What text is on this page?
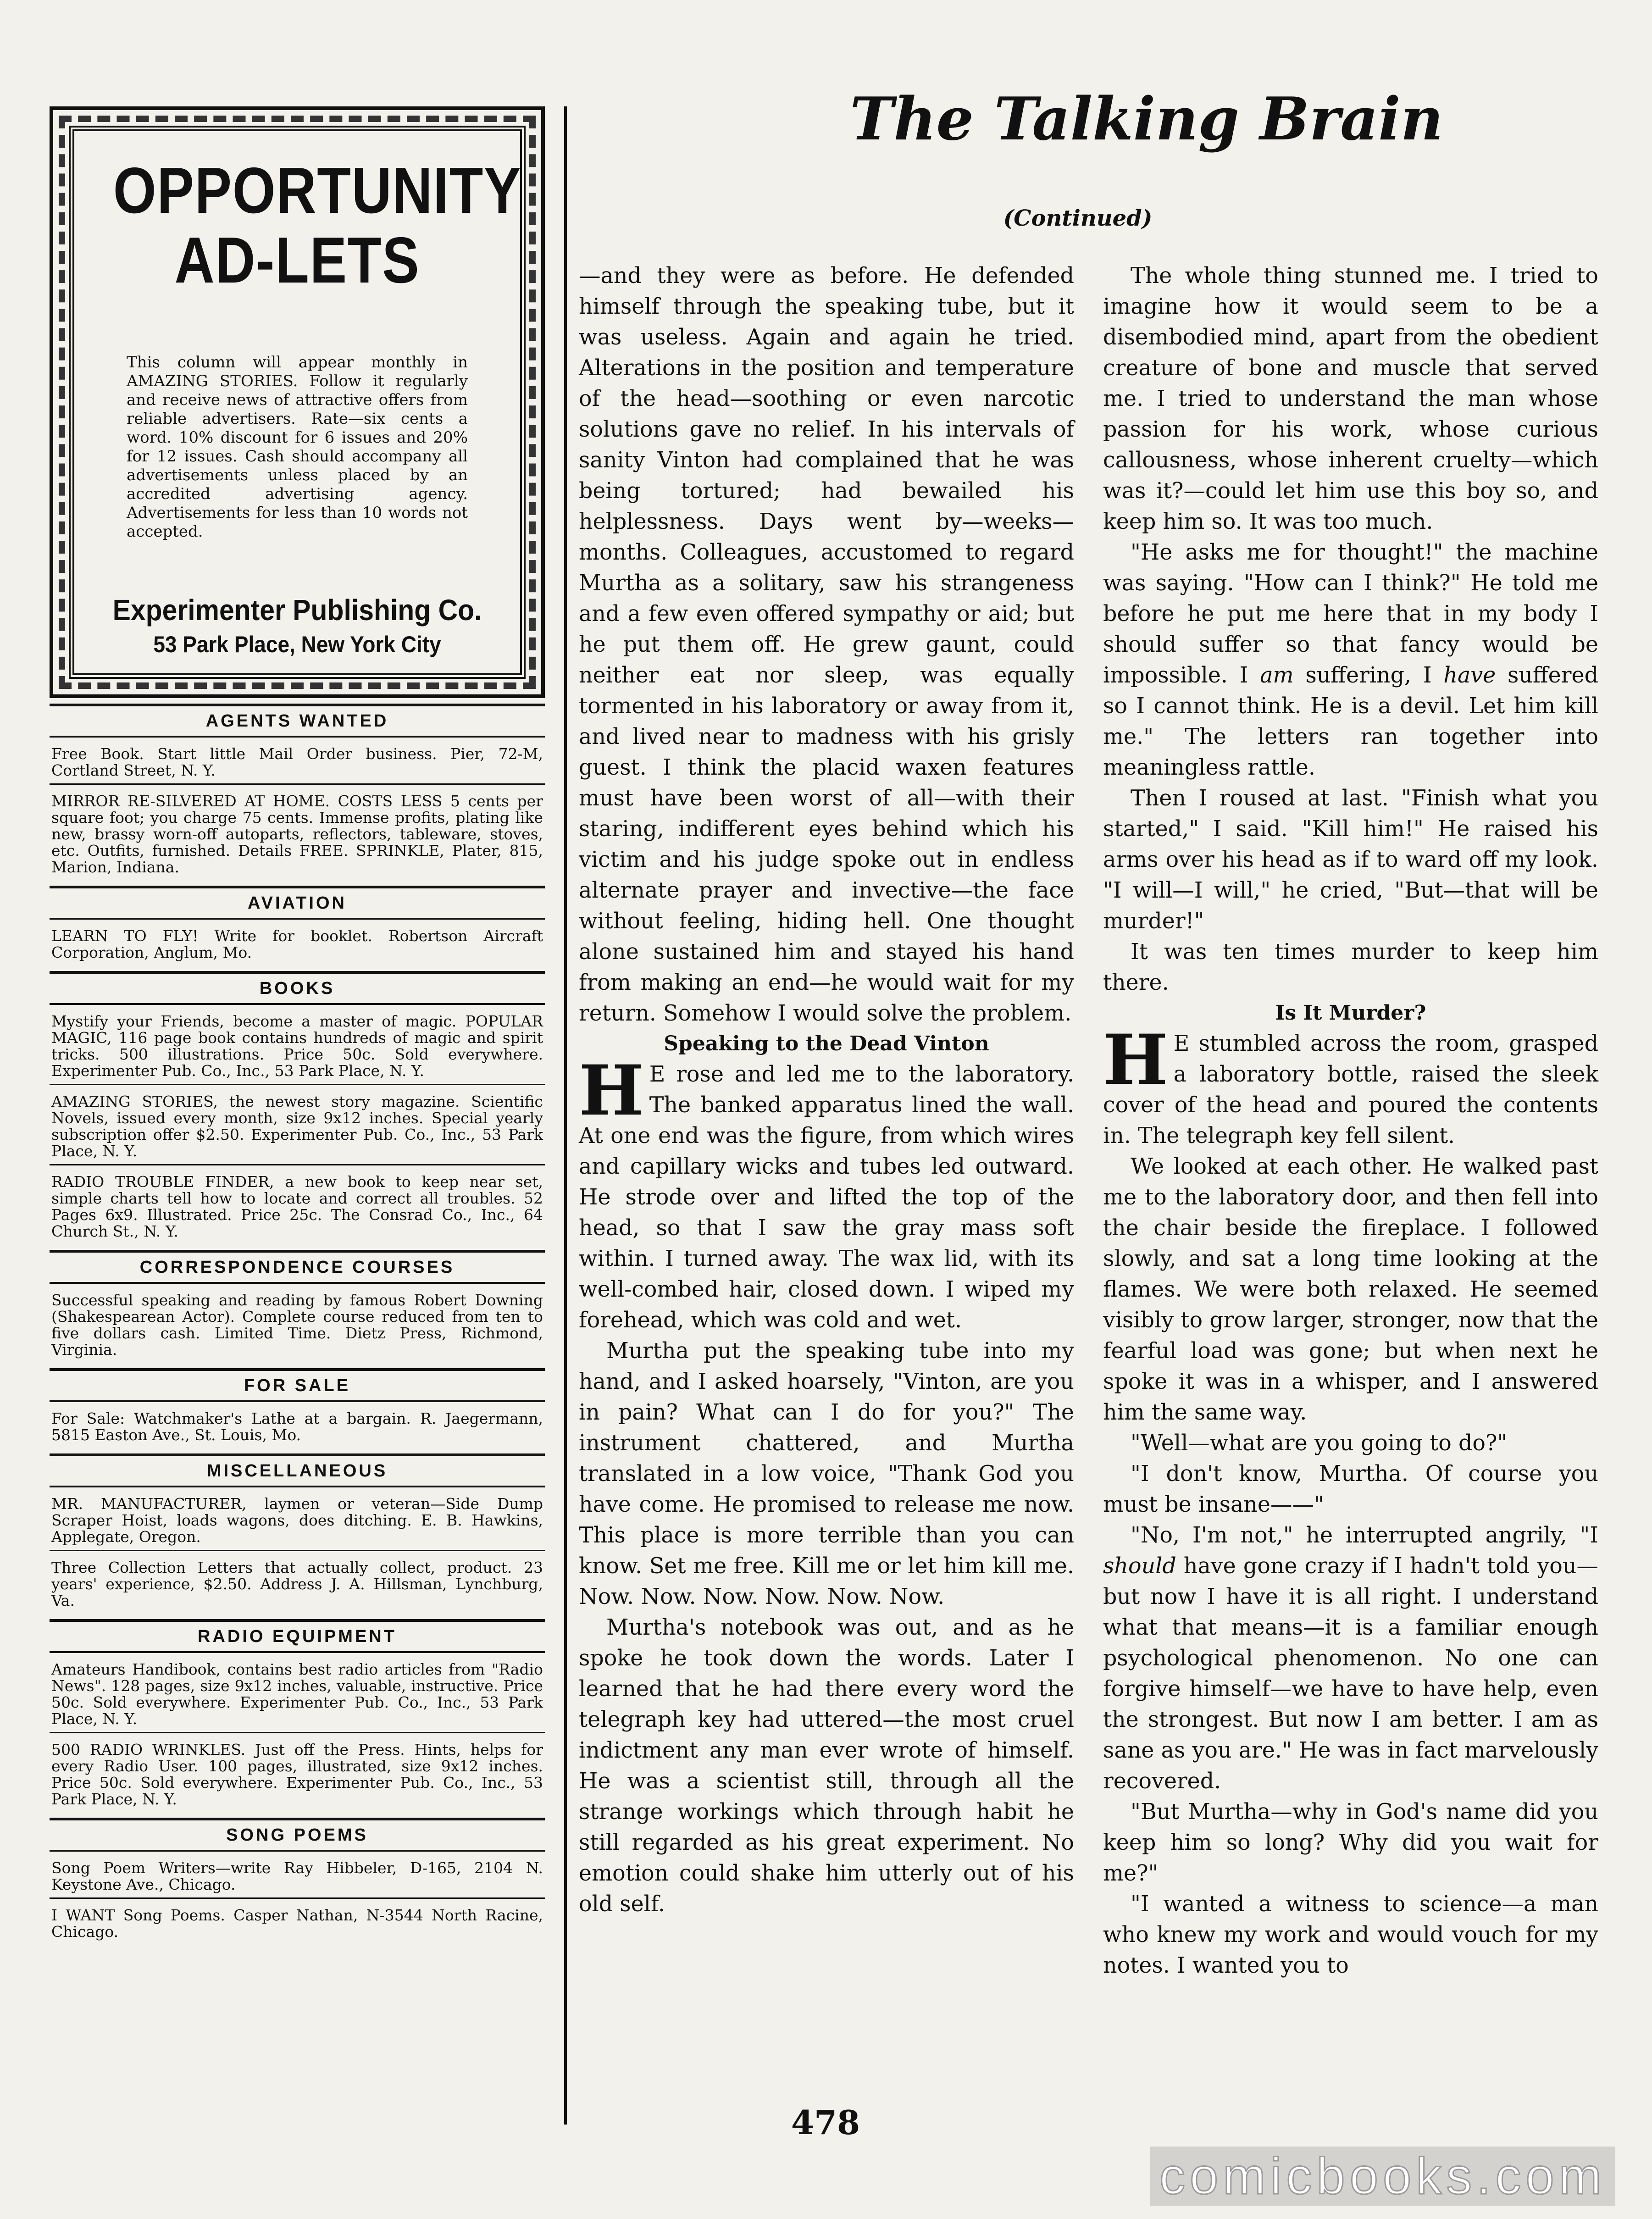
OPPORTUNITY
AD-LETS
This column will appear monthly in AMAZING STORIES. Follow it regularly and receive news of attractive offers from reliable advertisers. Rate—six cents a word. 10% discount for 6 issues and 20% for 12 issues. Cash should accompany all advertisements unless placed by an accredited advertising agency. Advertisements for less than 10 words not accepted.
Experimenter Publishing Co.
53 Park Place, New York City
AGENTS WANTED
Free Book. Start little Mail Order business. Pier, 72-M, Cortland Street, N. Y.
MIRROR RE-SILVERED AT HOME. COSTS LESS 5 cents per square foot; you charge 75 cents. Immense profits, plating like new, brassy worn-off autoparts, reflectors, tableware, stoves, etc. Outfits, furnished. Details FREE. SPRINKLE, Plater, 815, Marion, Indiana.
AVIATION
LEARN TO FLY! Write for booklet. Robertson Aircraft Corporation, Anglum, Mo.
BOOKS
Mystify your Friends, become a master of magic. POPULAR MAGIC, 116 page book contains hundreds of magic and spirit tricks. 500 illustrations. Price 50c. Sold everywhere. Experimenter Pub. Co., Inc., 53 Park Place, N. Y.
AMAZING STORIES, the newest story magazine. Scientific Novels, issued every month, size 9x12 inches. Special yearly subscription offer $2.50. Experimenter Pub. Co., Inc., 53 Park Place, N. Y.
RADIO TROUBLE FINDER, a new book to keep near set, simple charts tell how to locate and correct all troubles. 52 Pages 6x9. Illustrated. Price 25c. The Consrad Co., Inc., 64 Church St., N. Y.
CORRESPONDENCE COURSES
Successful speaking and reading by famous Robert Downing (Shakespearean Actor). Complete course reduced from ten to five dollars cash. Limited Time. Dietz Press, Richmond, Virginia.
FOR SALE
For Sale: Watchmaker's Lathe at a bargain. R. Jaegermann, 5815 Easton Ave., St. Louis, Mo.
MISCELLANEOUS
MR. MANUFACTURER, laymen or veteran—Side Dump Scraper Hoist, loads wagons, does ditching. E. B. Hawkins, Applegate, Oregon.
Three Collection Letters that actually collect, product. 23 years' experience, $2.50. Address J. A. Hillsman, Lynchburg, Va.
RADIO EQUIPMENT
Amateurs Handibook, contains best radio articles from "Radio News". 128 pages, size 9x12 inches, valuable, instructive. Price 50c. Sold everywhere. Experimenter Pub. Co., Inc., 53 Park Place, N. Y.
500 RADIO WRINKLES. Just off the Press. Hints, helps for every Radio User. 100 pages, illustrated, size 9x12 inches. Price 50c. Sold everywhere. Experimenter Pub. Co., Inc., 53 Park Place, N. Y.
SONG POEMS
Song Poem Writers—write Ray Hibbeler, D-165, 2104 N. Keystone Ave., Chicago.
I WANT Song Poems. Casper Nathan, N-3544 North Racine, Chicago.
The Talking Brain
(Continued)

—and they were as before. He defended himself through the speaking tube, but it was useless. Again and again he tried. Alterations in the position and temperature of the head—soothing or even narcotic solutions gave no relief. In his intervals of sanity Vinton had complained that he was being tortured; had bewailed his helplessness. Days went by—weeks—months. Colleagues, accustomed to regard Murtha as a solitary, saw his strangeness and a few even offered sympathy or aid; but he put them off. He grew gaunt, could neither eat nor sleep, was equally tormented in his laboratory or away from it, and lived near to madness with his grisly guest. I think the placid waxen features must have been worst of all—with their staring, indifferent eyes behind which his victim and his judge spoke out in endless alternate prayer and invective—the face without feeling, hiding hell. One thought alone sustained him and stayed his hand from making an end—he would wait for my return. Somehow I would solve the problem.

Speaking to the Dead Vinton

H E rose and led me to the laboratory. The banked apparatus lined the wall. At one end was the figure, from which wires and capillary wicks and tubes led outward. He strode over and lifted the top of the head, so that I saw the gray mass soft within. I turned away. The wax lid, with its well-combed hair, closed down. I wiped my forehead, which was cold and wet.

Murtha put the speaking tube into my hand, and I asked hoarsely, "Vinton, are you in pain? What can I do for you?" The instrument chattered, and Murtha translated in a low voice, "Thank God you have come. He promised to release me now. This place is more terrible than you can know. Set me free. Kill me or let him kill me. Now. Now. Now. Now. Now. Now.

Murtha's notebook was out, and as he spoke he took down the words. Later I learned that he had there every word the telegraph key had uttered—the most cruel indictment any man ever wrote of himself. He was a scientist still, through all the strange workings which through habit he still regarded as his great experiment. No emotion could shake him utterly out of his old self.

The whole thing stunned me. I tried to imagine how it would seem to be a disembodied mind, apart from the obedient creature of bone and muscle that served me. I tried to understand the man whose passion for his work, whose curious callousness, whose inherent cruelty—which was it?—could let him use this boy so, and keep him so. It was too much.

"He asks me for thought!" the machine was saying. "How can I think?" He told me before he put me here that in my body I should suffer so that fancy would be impossible. I am suffering, I have suffered so I cannot think. He is a devil. Let him kill me." The letters ran together into meaningless rattle.

Then I roused at last. "Finish what you started," I said. "Kill him!" He raised his arms over his head as if to ward off my look. "I will—I will," he cried, "But—that will be murder!"

It was ten times murder to keep him there.

Is It Murder?

H E stumbled across the room, grasped a laboratory bottle, raised the sleek cover of the head and poured the contents in. The telegraph key fell silent.

We looked at each other. He walked past me to the laboratory door, and then fell into the chair beside the fireplace. I followed slowly, and sat a long time looking at the flames. We were both relaxed. He seemed visibly to grow larger, stronger, now that the fearful load was gone; but when next he spoke it was in a whisper, and I answered him the same way.

"Well—what are you going to do?"

"I don't know, Murtha. Of course you must be insane——"

"No, I'm not," he interrupted angrily, "I should have gone crazy if I hadn't told you—but now I have it is all right. I understand what that means—it is a familiar enough psychological phenomenon. No one can forgive himself—we have to have help, even the strongest. But now I am better. I am as sane as you are." He was in fact marvelously recovered.

"But Murtha—why in God's name did you keep him so long? Why did you wait for me?"

"I wanted a witness to science—a man who knew my work and would vouch for my notes. I wanted you to

478
comicbooks.com
